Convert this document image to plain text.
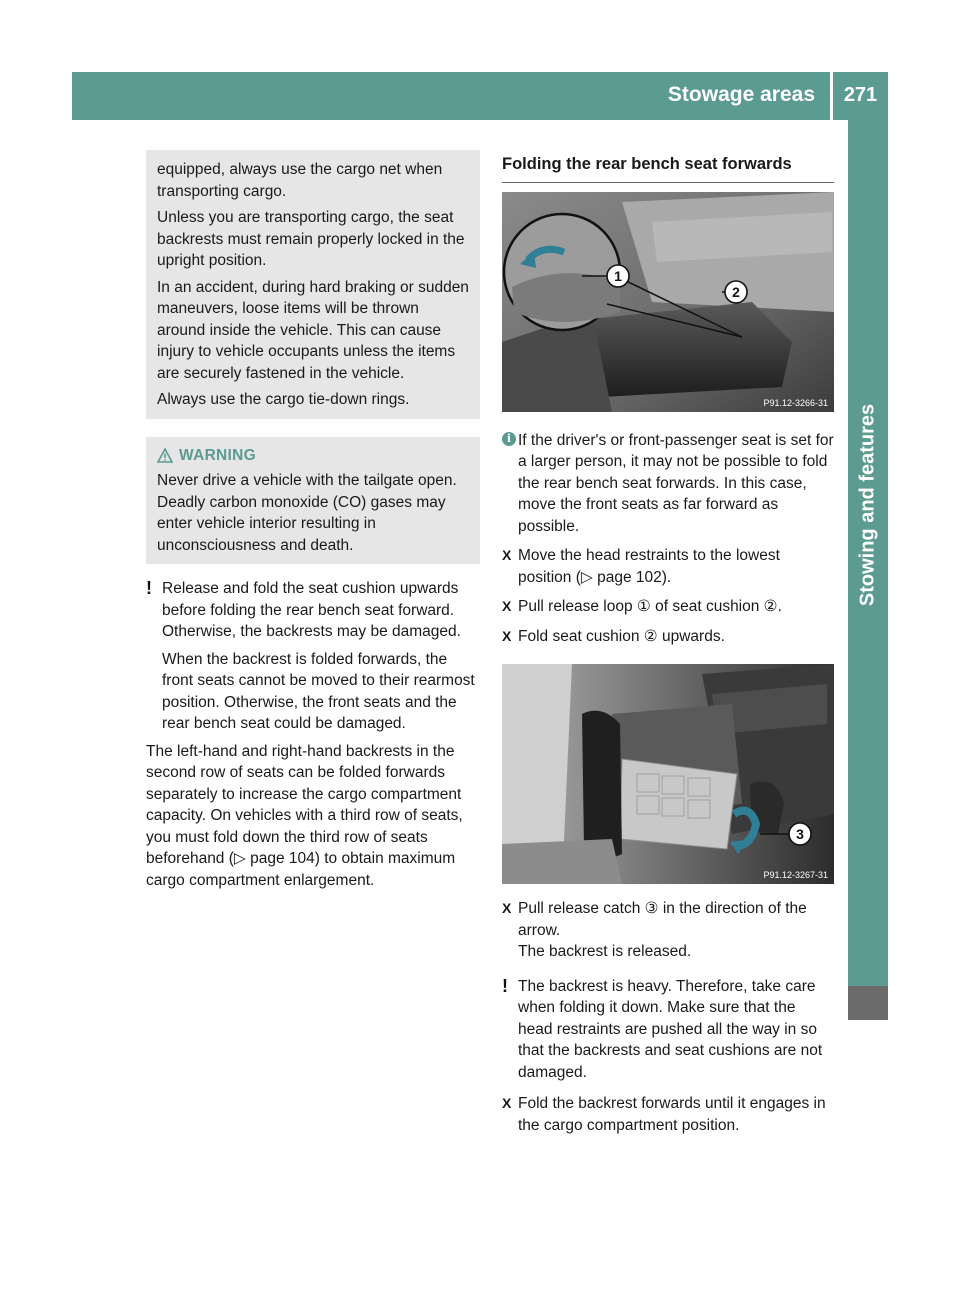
Stowage areas	271
Stowing and features

equipped, always use the cargo net when transporting cargo.

Unless you are transporting cargo, the seat backrests must remain properly locked in the upright position.

In an accident, during hard braking or sudden maneuvers, loose items will be thrown around inside the vehicle. This can cause injury to vehicle occupants unless the items are securely fastened in the vehicle.

Always use the cargo tie-down rings.

WARNING

Never drive a vehicle with the tailgate open. Deadly carbon monoxide (CO) gases may enter vehicle interior resulting in unconsciousness and death.

! Release and fold the seat cushion upwards before folding the rear bench seat forward. Otherwise, the backrests may be damaged.

When the backrest is folded forwards, the front seats cannot be moved to their rearmost position. Otherwise, the front seats and the rear bench seat could be damaged.

The left-hand and right-hand backrests in the second row of seats can be folded forwards separately to increase the cargo compartment capacity. On vehicles with a third row of seats, you must fold down the third row of seats beforehand (▷ page 104) to obtain maximum cargo compartment enlargement.

Folding the rear bench seat forwards
1
2
P91.12-3266-31
i If the driver's or front-passenger seat is set for a larger person, it may not be possible to fold the rear bench seat forwards. In this case, move the front seats as far forward as possible.

X Move the head restraints to the lowest position (▷ page 102).

X Pull release loop ① of seat cushion ②.

X Fold seat cushion ② upwards.

3
P91.12-3267-31
X Pull release catch ③ in the direction of the arrow.

The backrest is released.

! The backrest is heavy. Therefore, take care when folding it down. Make sure that the head restraints are pushed all the way in so that the backrests and seat cushions are not damaged.

X Fold the backrest forwards until it engages in the cargo compartment position.
